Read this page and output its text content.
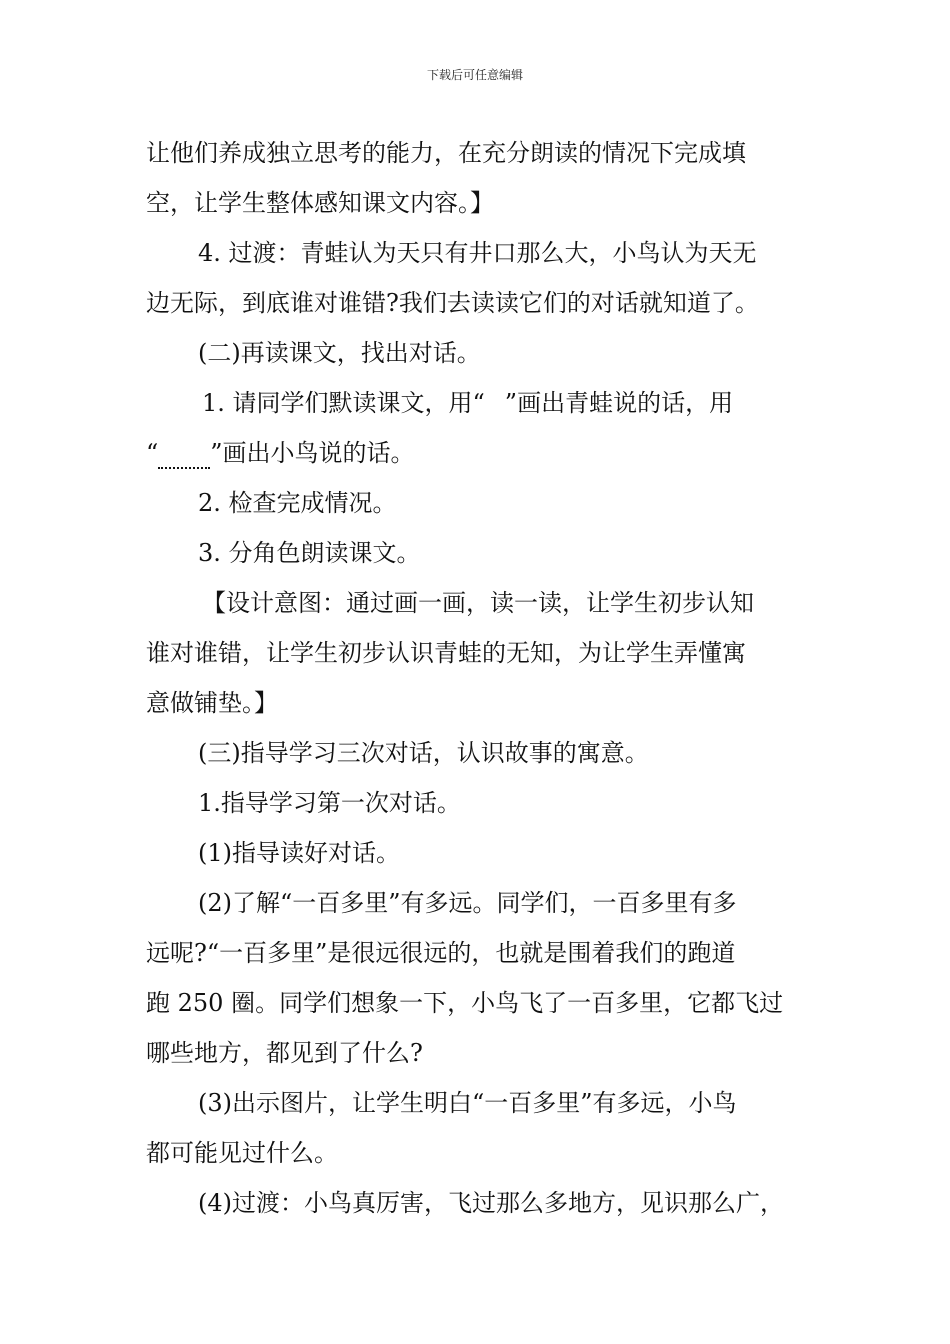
下载后可任意编辑
让他们养成独立思考的能力，在充分朗读的情况下完成填
空，让学生整体感知课文内容。】
4. 过渡：青蛙认为天只有井口那么大，小鸟认为天无
边无际，到底谁对谁错?我们去读读它们的对话就知道了。
(二)再读课文，找出对话。
1. 请同学们默读课文，用“ ”画出青蛙说的话，用
“ ”画出小鸟说的话。
2. 检查完成情况。
3. 分角色朗读课文。
【设计意图：通过画一画，读一读，让学生初步认知
谁对谁错，让学生初步认识青蛙的无知，为让学生弄懂寓
意做铺垫。】
(三)指导学习三次对话，认识故事的寓意。
1.指导学习第一次对话。
(1)指导读好对话。
(2)了解“一百多里”有多远。同学们，一百多里有多
远呢?“一百多里”是很远很远的，也就是围着我们的跑道
跑 250 圈。同学们想象一下，小鸟飞了一百多里，它都飞过
哪些地方，都见到了什么?
(3)出示图片，让学生明白“一百多里”有多远，小鸟
都可能见过什么。
(4)过渡：小鸟真厉害，飞过那么多地方，见识那么广，
